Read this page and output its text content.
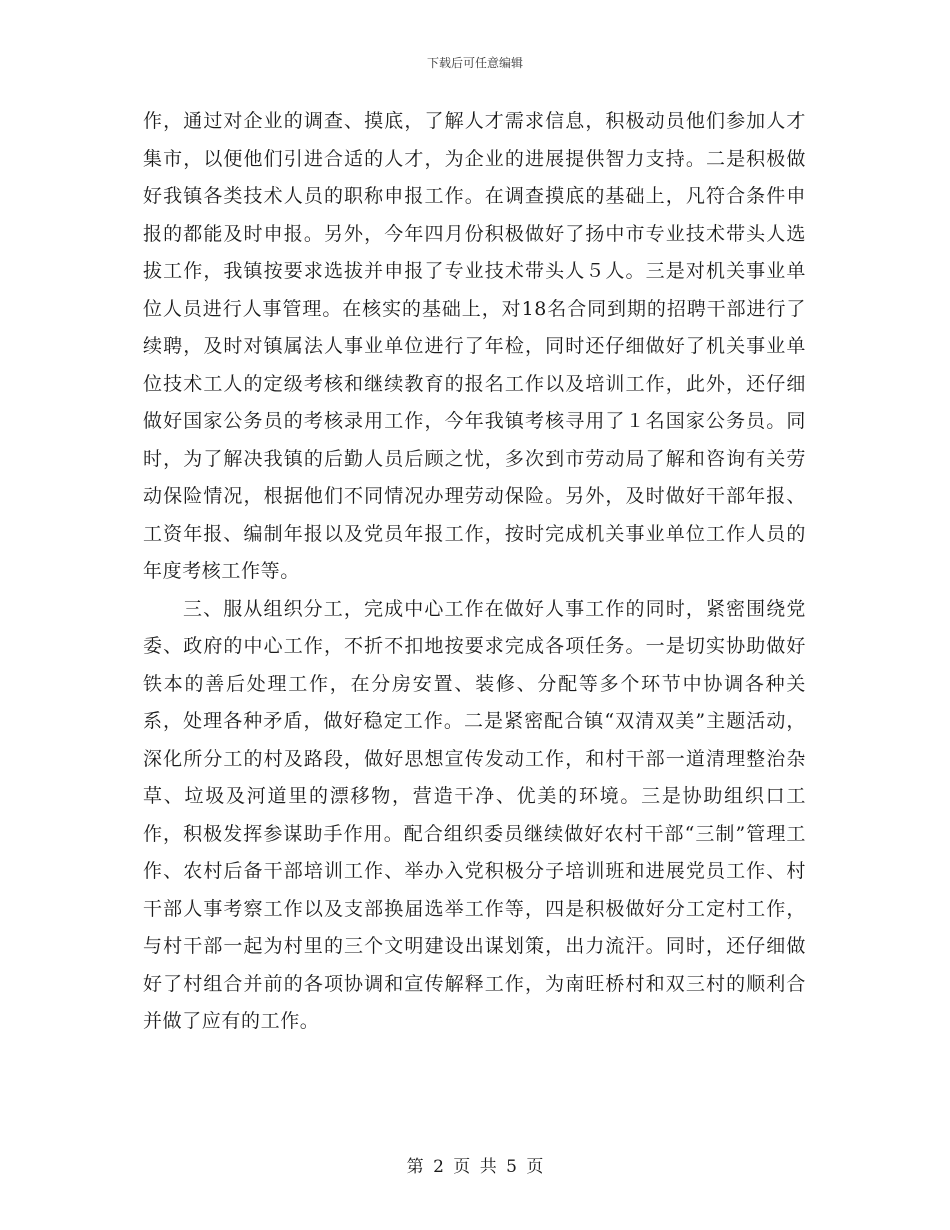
下载后可任意编辑

作，通过对企业的调查、摸底，了解人才需求信息，积极动员他们参加人才集市，以便他们引进合适的人才，为企业的进展提供智力支持。二是积极做好我镇各类技术人员的职称申报工作。在调查摸底的基础上，凡符合条件申报的都能及时申报。另外，今年四月份积极做好了扬中市专业技术带头人选拔工作，我镇按要求选拔并申报了专业技术带头人５人。三是对机关事业单位人员进行人事管理。在核实的基础上，对18名合同到期的招聘干部进行了续聘，及时对镇属法人事业单位进行了年检，同时还仔细做好了机关事业单位技术工人的定级考核和继续教育的报名工作以及培训工作，此外，还仔细做好国家公务员的考核录用工作，今年我镇考核寻用了１名国家公务员。同时，为了解决我镇的后勤人员后顾之忧，多次到市劳动局了解和咨询有关劳动保险情况，根据他们不同情况办理劳动保险。另外，及时做好干部年报、工资年报、编制年报以及党员年报工作，按时完成机关事业单位工作人员的年度考核工作等。

三、服从组织分工，完成中心工作在做好人事工作的同时，紧密围绕党委、政府的中心工作，不折不扣地按要求完成各项任务。一是切实协助做好铁本的善后处理工作，在分房安置、装修、分配等多个环节中协调各种关系，处理各种矛盾，做好稳定工作。二是紧密配合镇“双清双美”主题活动，深化所分工的村及路段，做好思想宣传发动工作，和村干部一道清理整治杂草、垃圾及河道里的漂移物，营造干净、优美的环境。三是协助组织口工作，积极发挥参谋助手作用。配合组织委员继续做好农村干部“三制”管理工作、农村后备干部培训工作、举办入党积极分子培训班和进展党员工作、村干部人事考察工作以及支部换届选举工作等，四是积极做好分工定村工作，与村干部一起为村里的三个文明建设出谋划策，出力流汗。同时，还仔细做好了村组合并前的各项协调和宣传解释工作，为南旺桥村和双三村的顺利合并做了应有的工作。

第 2 页 共 5 页
